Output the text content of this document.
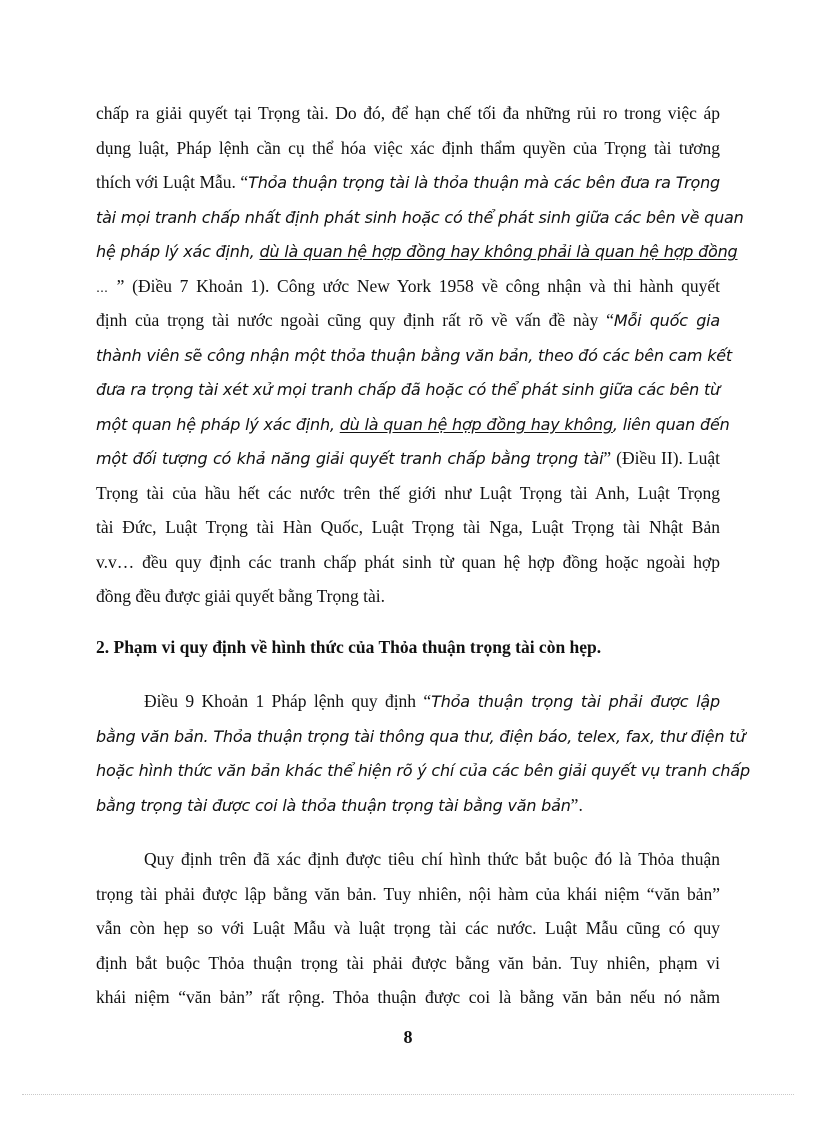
chấp ra giải quyết tại Trọng tài. Do đó, để hạn chế tối đa những rủi ro trong việc áp
dụng luật, Pháp lệnh cần cụ thể hóa việc xác định thẩm quyền của Trọng tài tương
thích với Luật Mẫu. “Thỏa thuận trọng tài là thỏa thuận mà các bên đưa ra Trọng
tài mọi tranh chấp nhất định phát sinh hoặc có thể phát sinh giữa các bên về quan
hệ pháp lý xác định, dù là quan hệ hợp đồng hay không phải là quan hệ hợp đồng
… ” (Điều 7 Khoản 1). Công ước New York 1958 về công nhận và thi hành quyết
định của trọng tài nước ngoài cũng quy định rất rõ về vấn đề này “Mỗi quốc gia
thành viên sẽ công nhận một thỏa thuận bằng văn bản, theo đó các bên cam kết
đưa ra trọng tài xét xử mọi tranh chấp đã hoặc có thể phát sinh giữa các bên từ
một quan hệ pháp lý xác định, dù là quan hệ hợp đồng hay không, liên quan đến
một đối tượng có khả năng giải quyết tranh chấp bằng trọng tài” (Điều II). Luật
Trọng tài của hầu hết các nước trên thế giới như Luật Trọng tài Anh, Luật Trọng
tài Đức, Luật Trọng tài Hàn Quốc, Luật Trọng tài Nga, Luật Trọng tài Nhật Bản
v.v… đều quy định các tranh chấp phát sinh từ quan hệ hợp đồng hoặc ngoài hợp
đồng đều được giải quyết bằng Trọng tài.
2. Phạm vi quy định về hình thức của Thỏa thuận trọng tài còn hẹp.
Điều 9 Khoản 1 Pháp lệnh quy định “Thỏa thuận trọng tài phải được lập
bằng văn bản. Thỏa thuận trọng tài thông qua thư, điện báo, telex, fax, thư điện tử
hoặc hình thức văn bản khác thể hiện rõ ý chí của các bên giải quyết vụ tranh chấp
bằng trọng tài được coi là thỏa thuận trọng tài bằng văn bản”.
Quy định trên đã xác định được tiêu chí hình thức bắt buộc đó là Thỏa thuận
trọng tài phải được lập bằng văn bản. Tuy nhiên, nội hàm của khái niệm “văn bản”
vẫn còn hẹp so với Luật Mẫu và luật trọng tài các nước. Luật Mẫu cũng có quy
định bắt buộc Thỏa thuận trọng tài phải được bằng văn bản. Tuy nhiên, phạm vi
khái niệm “văn bản” rất rộng. Thỏa thuận được coi là bằng văn bản nếu nó nằm
8
